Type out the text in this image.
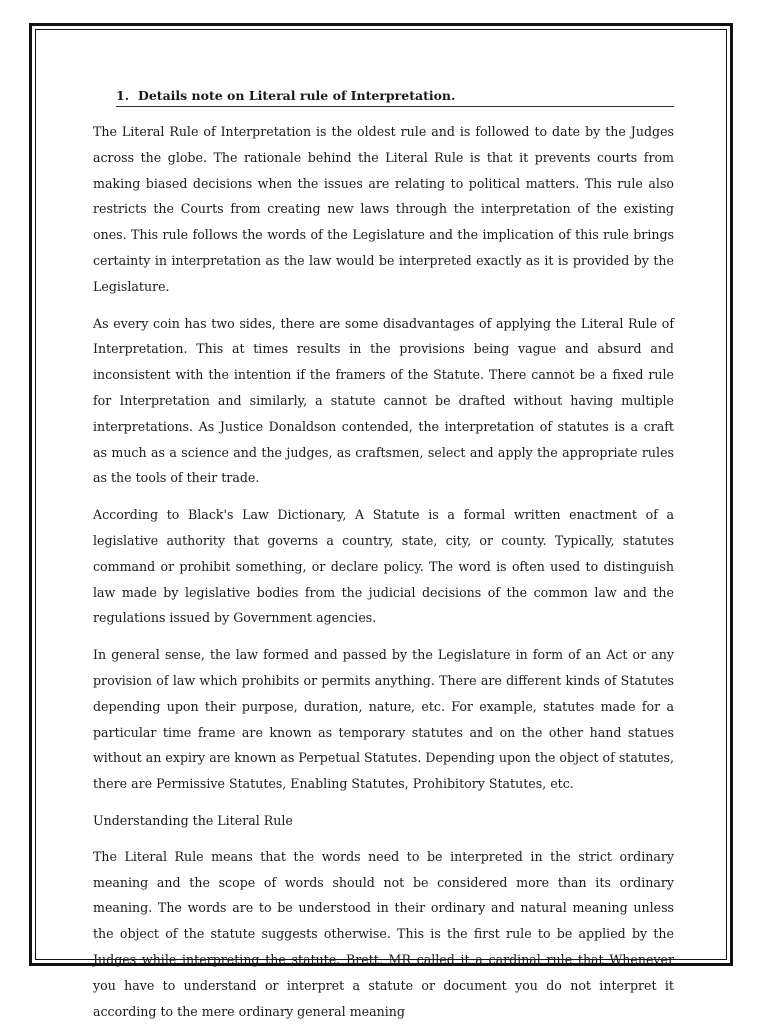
1. Details note on Literal rule of Interpretation.

The Literal Rule of Interpretation is the oldest rule and is followed to date by the Judges across the globe. The rationale behind the Literal Rule is that it prevents courts from making biased decisions when the issues are relating to political matters. This rule also restricts the Courts from creating new laws through the interpretation of the existing ones. This rule follows the words of the Legislature and the implication of this rule brings certainty in interpretation as the law would be interpreted exactly as it is provided by the Legislature.

As every coin has two sides, there are some disadvantages of applying the Literal Rule of Interpretation. This at times results in the provisions being vague and absurd and inconsistent with the intention if the framers of the Statute. There cannot be a fixed rule for Interpretation and similarly, a statute cannot be drafted without having multiple interpretations. As Justice Donaldson contended, the interpretation of statutes is a craft as much as a science and the judges, as craftsmen, select and apply the appropriate rules as the tools of their trade.

According to Black's Law Dictionary, A Statute is a formal written enactment of a legislative authority that governs a country, state, city, or county. Typically, statutes command or prohibit something, or declare policy. The word is often used to distinguish law made by legislative bodies from the judicial decisions of the common law and the regulations issued by Government agencies.

In general sense, the law formed and passed by the Legislature in form of an Act or any provision of law which prohibits or permits anything. There are different kinds of Statutes depending upon their purpose, duration, nature, etc. For example, statutes made for a particular time frame are known as temporary statutes and on the other hand statues without an expiry are known as Perpetual Statutes. Depending upon the object of statutes, there are Permissive Statutes, Enabling Statutes, Prohibitory Statutes, etc.

Understanding the Literal Rule

The Literal Rule means that the words need to be interpreted in the strict ordinary meaning and the scope of words should not be considered more than its ordinary meaning. The words are to be understood in their ordinary and natural meaning unless the object of the statute suggests otherwise. This is the first rule to be applied by the Judges while interpreting the statute. Brett, MR called it a cardinal rule that Whenever you have to understand or interpret a statute or document you do not interpret it according to the mere ordinary general meaning
